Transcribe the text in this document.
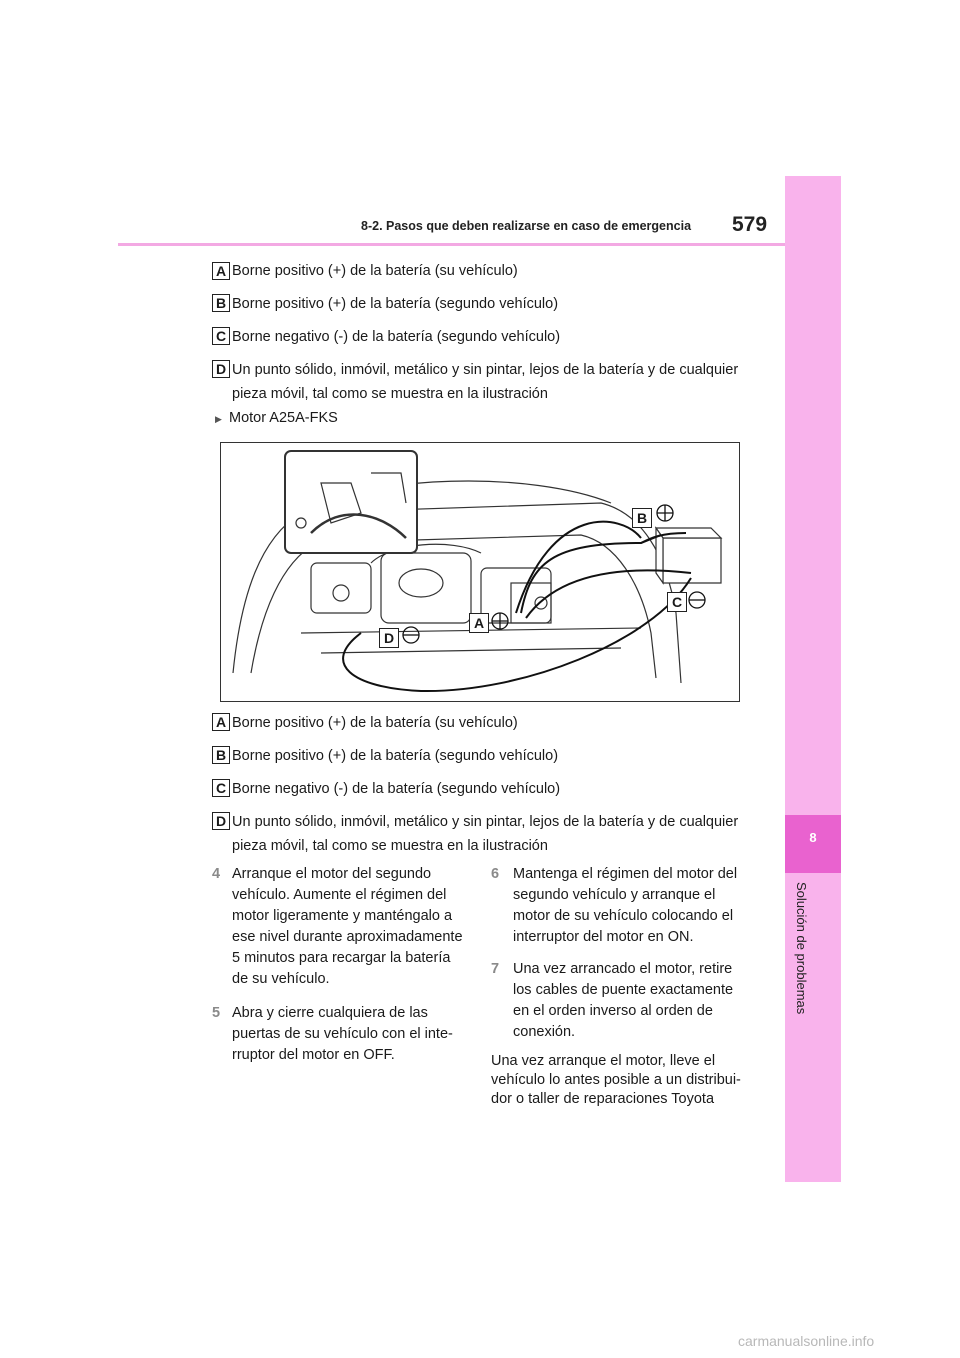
8
Solución de problemas
8-2. Pasos que deben realizarse en caso de emergencia 579
A Borne positivo (+) de la batería (su vehículo)
B Borne positivo (+) de la batería (segundo vehículo)
C Borne negativo (-) de la batería (segundo vehículo)
D Un punto sólido, inmóvil, metálico y sin pintar, lejos de la batería y de cualquier
pieza móvil, tal como se muestra en la ilustración
▶ Motor A25A-FKS
B
C
A
D
A Borne positivo (+) de la batería (su vehículo)
B Borne positivo (+) de la batería (segundo vehículo)
C Borne negativo (-) de la batería (segundo vehículo)
D Un punto sólido, inmóvil, metálico y sin pintar, lejos de la batería y de cualquier
pieza móvil, tal como se muestra en la ilustración
4 Arranque el motor del segundo
vehículo. Aumente el régimen del
motor ligeramente y manténgalo a
ese nivel durante aproximadamente
5 minutos para recargar la batería
de su vehículo.
5 Abra y cierre cualquiera de las
puertas de su vehículo con el inte-
rruptor del motor en OFF.
6 Mantenga el régimen del motor del
segundo vehículo y arranque el
motor de su vehículo colocando el
interruptor del motor en ON.
7 Una vez arrancado el motor, retire
los cables de puente exactamente
en el orden inverso al orden de
conexión.
Una vez arranque el motor, lleve el
vehículo lo antes posible a un distribui-
dor o taller de reparaciones Toyota
carmanualsonline.info
